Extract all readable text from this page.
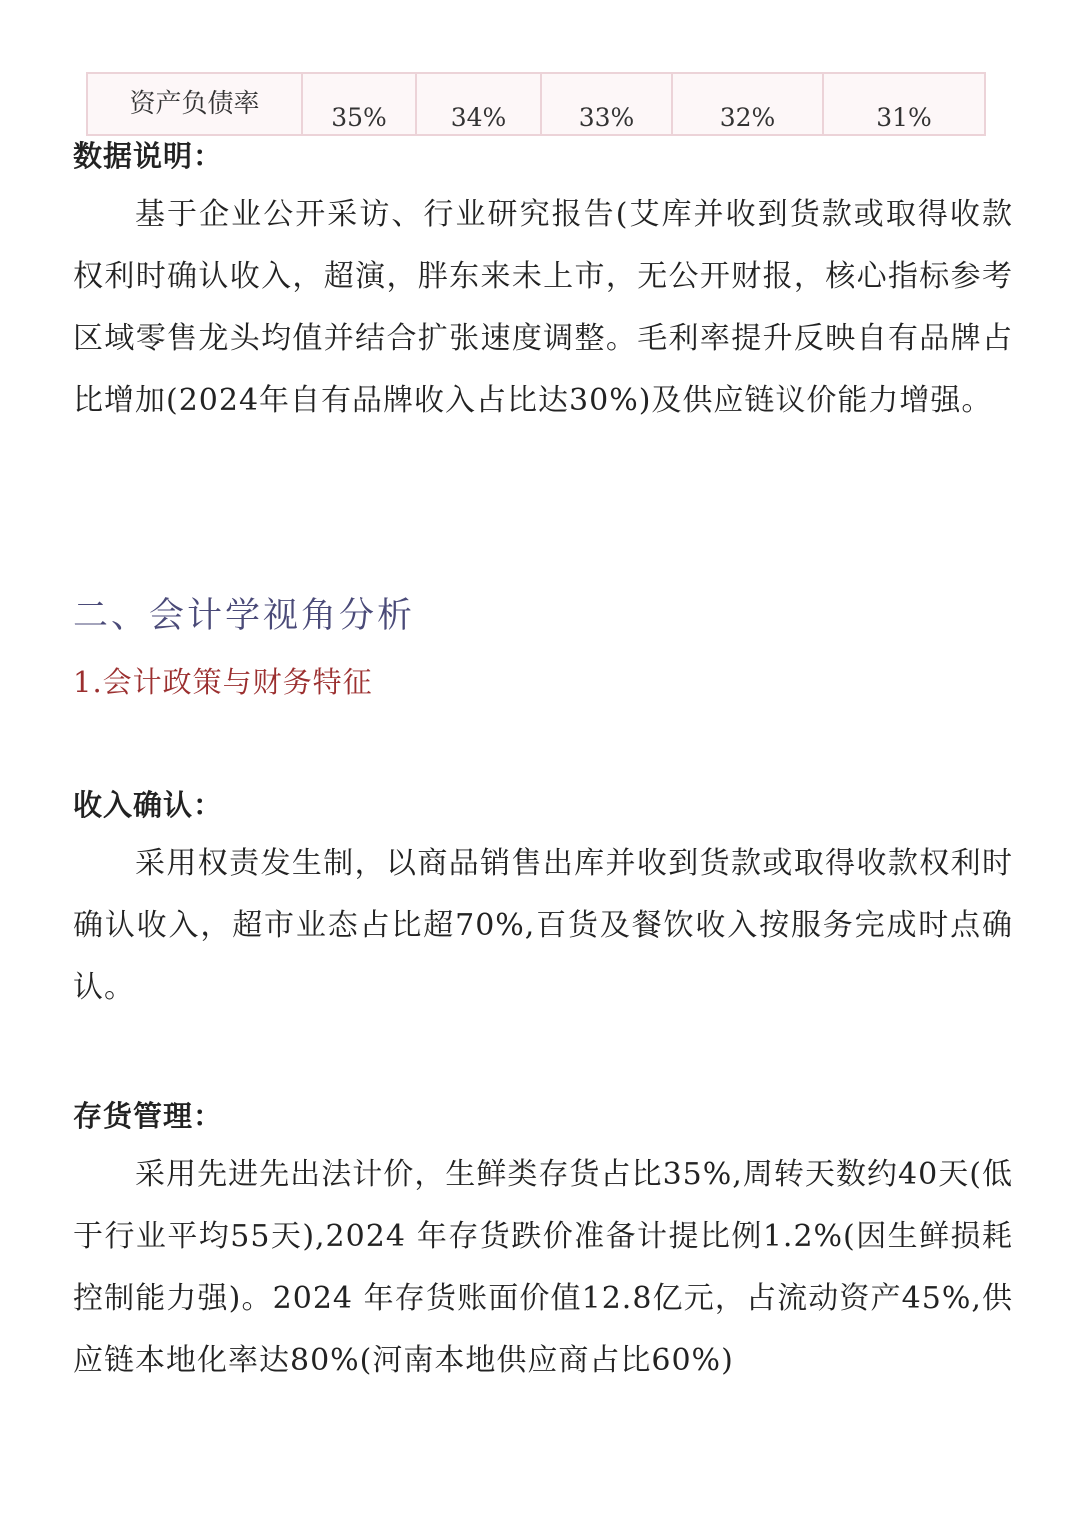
资产负债率	35%	34%	33%	32%	31%
数据说明：

基于企业公开采访、行业研究报告(艾库并收到货款或取得收款权利时确认收入，超演，胖东来未上市，无公开财报，核心指标参考区域零售龙头均值并结合扩张速度调整。毛利率提升反映自有品牌占比增加(2024年自有品牌收入占比达30%)及供应链议价能力增强。

二、会计学视角分析
1.会计政策与财务特征
收入确认：

采用权责发生制，以商品销售出库并收到货款或取得收款权利时确认收入，超市业态占比超70%,百货及餐饮收入按服务完成时点确认。

存货管理：

采用先进先出法计价，生鲜类存货占比35%,周转天数约40天(低于行业平均55天),2024 年存货跌价准备计提比例1.2%(因生鲜损耗控制能力强)。2024 年存货账面价值12.8亿元，占流动资产45%,供应链本地化率达80%(河南本地供应商占比60%)
